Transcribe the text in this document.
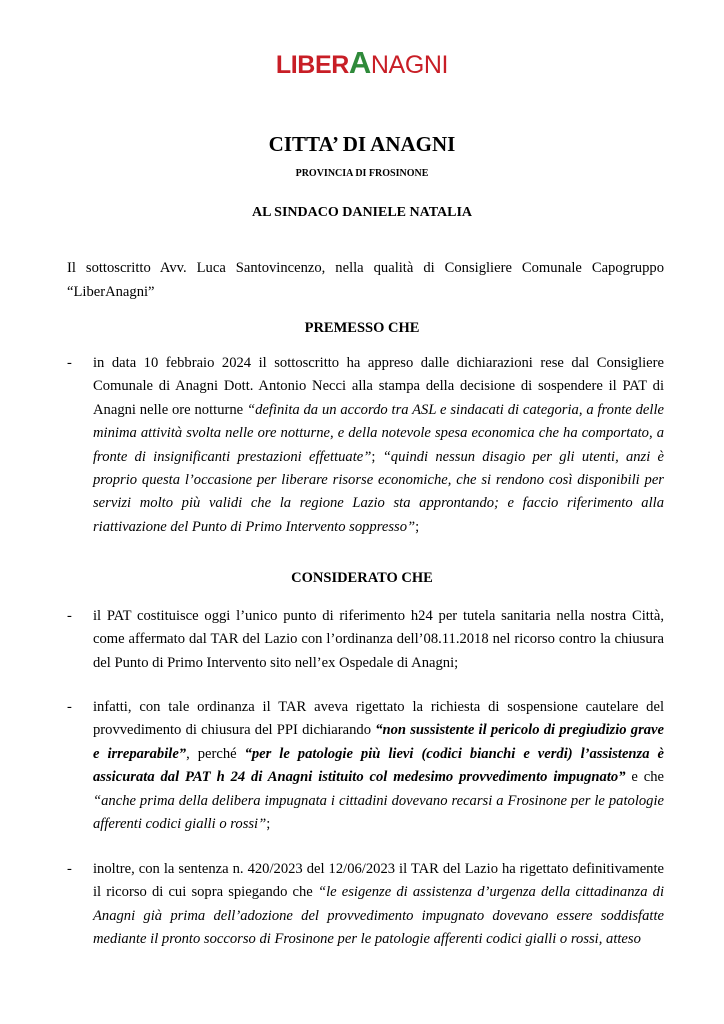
LIBERANAGNI
CITTA’ DI ANAGNI
PROVINCIA DI FROSINONE
AL SINDACO DANIELE NATALIA
Il sottoscritto Avv. Luca Santovincenzo, nella qualità di Consigliere Comunale Capogruppo “LiberAnagni”
PREMESSO CHE
- in data 10 febbraio 2024 il sottoscritto ha appreso dalle dichiarazioni rese dal Consigliere Comunale di Anagni Dott. Antonio Necci alla stampa della decisione di sospendere il PAT di Anagni nelle ore notturne “definita da un accordo tra ASL e sindacati di categoria, a fronte delle minima attività svolta nelle ore notturne, e della notevole spesa economica che ha comportato, a fronte di insignificanti prestazioni effettuate”; “quindi nessun disagio per gli utenti, anzi è proprio questa l’occasione per liberare risorse economiche, che si rendono così disponibili per servizi molto più validi che la regione Lazio sta approntando; e faccio riferimento alla riattivazione del Punto di Primo Intervento soppresso”;
CONSIDERATO CHE
- il PAT costituisce oggi l’unico punto di riferimento h24 per tutela sanitaria nella nostra Città, come affermato dal TAR del Lazio con l’ordinanza dell’08.11.2018 nel ricorso contro la chiusura del Punto di Primo Intervento sito nell’ex Ospedale di Anagni;
- infatti, con tale ordinanza il TAR aveva rigettato la richiesta di sospensione cautelare del provvedimento di chiusura del PPI dichiarando “non sussistente il pericolo di pregiudizio grave e irreparabile”, perché “per le patologie più lievi (codici bianchi e verdi) l’assistenza è assicurata dal PAT h 24 di Anagni istituito col medesimo provvedimento impugnato” e che “anche prima della delibera impugnata i cittadini dovevano recarsi a Frosinone per le patologie afferenti codici gialli o rossi”;
- inoltre, con la sentenza n. 420/2023 del 12/06/2023 il TAR del Lazio ha rigettato definitivamente il ricorso di cui sopra spiegando che “le esigenze di assistenza d’urgenza della cittadinanza di Anagni già prima dell’adozione del provvedimento impugnato dovevano essere soddisfatte mediante il pronto soccorso di Frosinone per le patologie afferenti codici gialli o rossi, atteso
